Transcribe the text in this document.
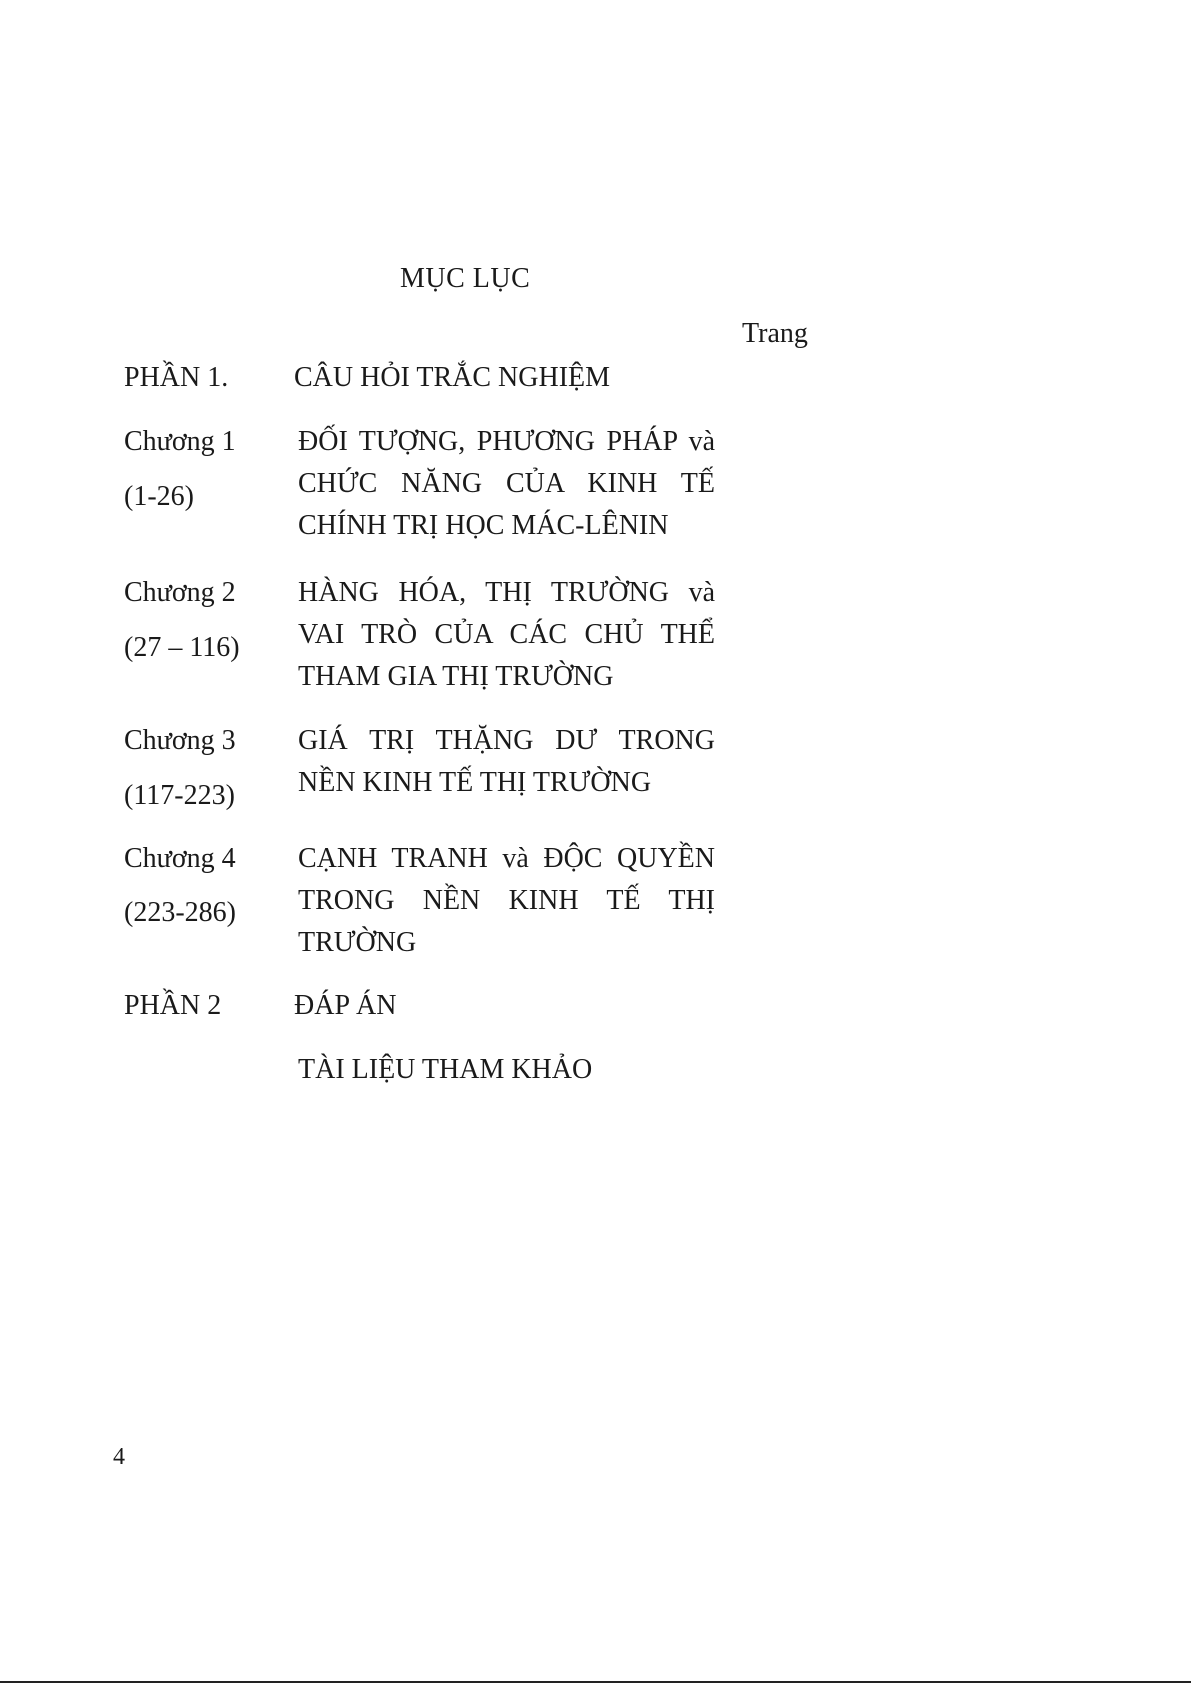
MỤC LỤC
Trang
PHẦN 1. CÂU HỎI TRẮC NGHIỆM
Chương 1
(1-26)
ĐỐI TƯỢNG, PHƯƠNG PHÁP và CHỨC NĂNG CỦA KINH TẾ CHÍNH TRỊ HỌC MÁC-LÊNIN
Chương 2
(27 – 116)
HÀNG HÓA, THỊ TRƯỜNG và VAI TRÒ CỦA CÁC CHỦ THỂ THAM GIA THỊ TRƯỜNG
Chương 3
(117-223)
GIÁ TRỊ THẶNG DƯ TRONG NỀN KINH TẾ THỊ TRƯỜNG
Chương 4
(223-286)
CẠNH TRANH và ĐỘC QUYỀN TRONG NỀN KINH TẾ THỊ TRƯỜNG
PHẦN 2	ĐÁP ÁN
TÀI LIỆU THAM KHẢO
4
